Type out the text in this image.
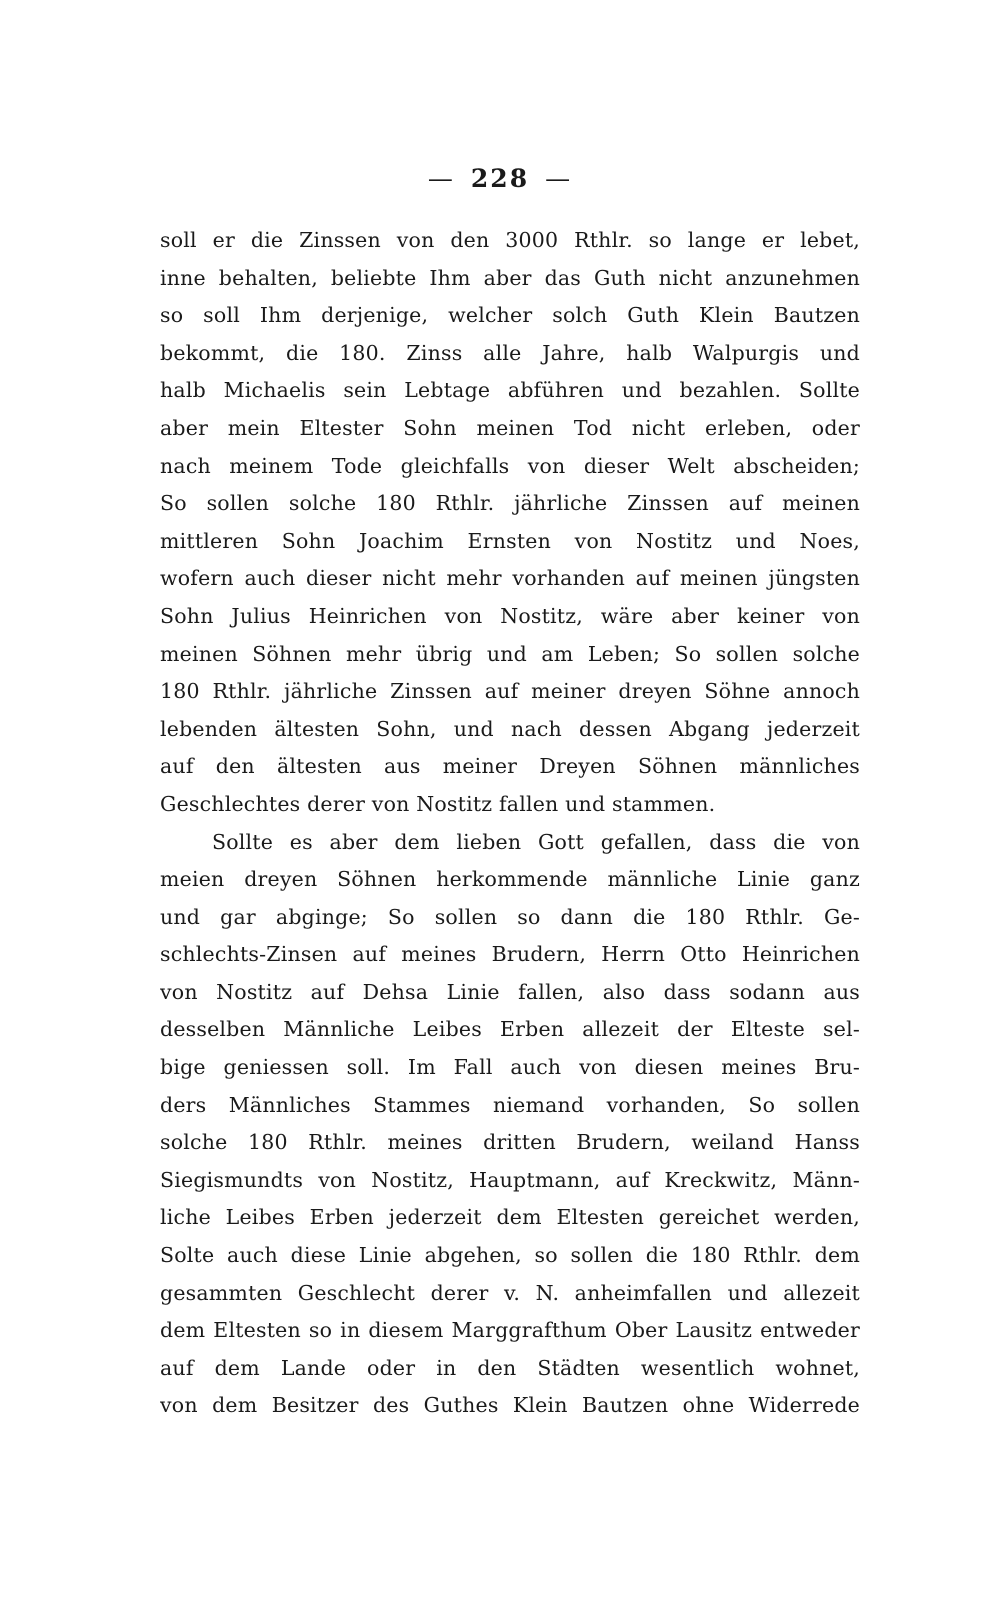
— 228 —
soll er die Zinssen von den 3000 Rthlr. so lange er lebet,
inne behalten, beliebte Ihm aber das Guth nicht anzunehmen
so soll Ihm derjenige, welcher solch Guth Klein Bautzen
bekommt, die 180. Zinss alle Jahre, halb Walpurgis und
halb Michaelis sein Lebtage abführen und bezahlen. Sollte
aber mein Eltester Sohn meinen Tod nicht erleben, oder
nach meinem Tode gleichfalls von dieser Welt abscheiden;
So sollen solche 180 Rthlr. jährliche Zinssen auf meinen
mittleren Sohn Joachim Ernsten von Nostitz und Noes,
wofern auch dieser nicht mehr vorhanden auf meinen jüngsten
Sohn Julius Heinrichen von Nostitz, wäre aber keiner von
meinen Söhnen mehr übrig und am Leben; So sollen solche
180 Rthlr. jährliche Zinssen auf meiner dreyen Söhne annoch
lebenden ältesten Sohn, und nach dessen Abgang jederzeit
auf den ältesten aus meiner Dreyen Söhnen männliches
Geschlechtes derer von Nostitz fallen und stammen.
Sollte es aber dem lieben Gott gefallen, dass die von
meien dreyen Söhnen herkommende männliche Linie ganz
und gar abginge; So sollen so dann die 180 Rthlr. Ge-
schlechts-Zinsen auf meines Brudern, Herrn Otto Heinrichen
von Nostitz auf Dehsa Linie fallen, also dass sodann aus
desselben Männliche Leibes Erben allezeit der Elteste sel-
bige geniessen soll. Im Fall auch von diesen meines Bru-
ders Männliches Stammes niemand vorhanden, So sollen
solche 180 Rthlr. meines dritten Brudern, weiland Hanss
Siegismundts von Nostitz, Hauptmann, auf Kreckwitz, Männ-
liche Leibes Erben jederzeit dem Eltesten gereichet werden,
Solte auch diese Linie abgehen, so sollen die 180 Rthlr. dem
gesammten Geschlecht derer v. N. anheimfallen und allezeit
dem Eltesten so in diesem Marggrafthum Ober Lausitz entweder
auf dem Lande oder in den Städten wesentlich wohnet,
von dem Besitzer des Guthes Klein Bautzen ohne Widerrede
